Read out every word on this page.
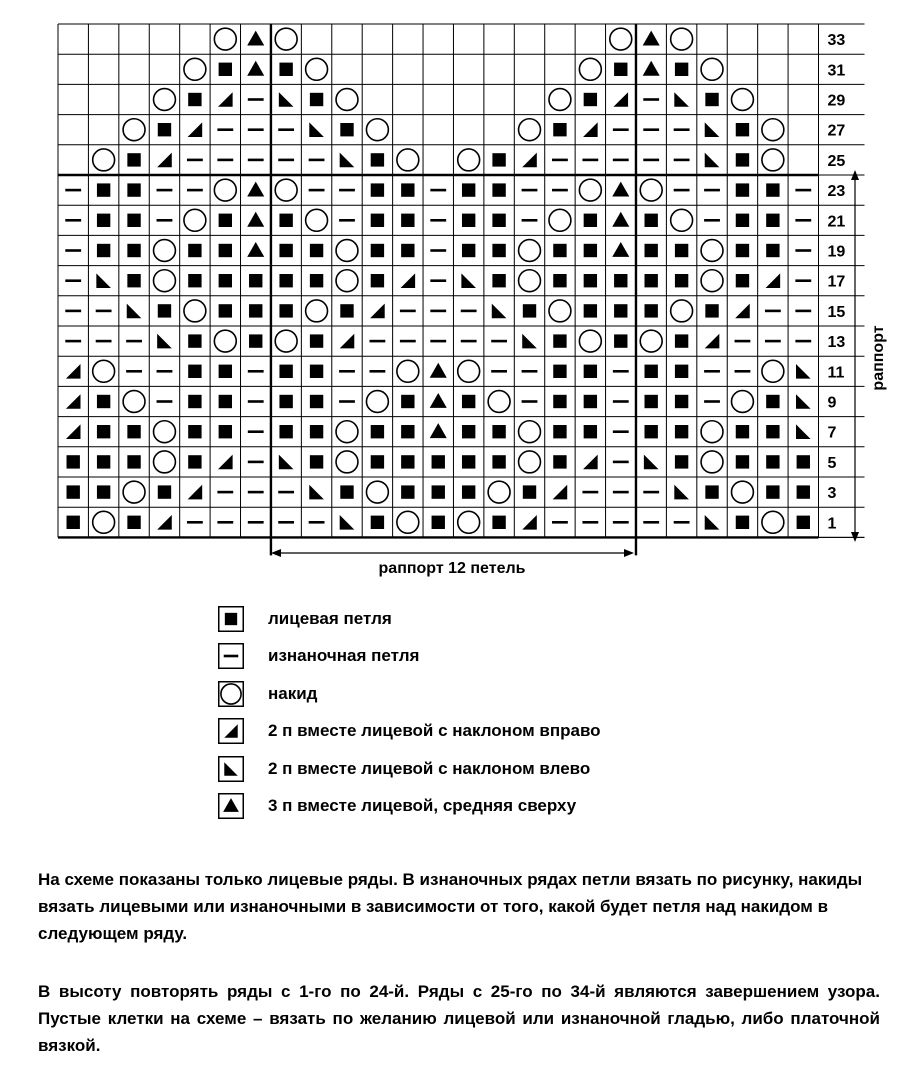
33
31
29
27
25
23
21
19
17
15
13
11
9
7
5
3
1
раппорт
раппорт 12 петель
лицевая петля
изнаночная петля
накид
2 п вместе лицевой с наклоном вправо
2 п вместе лицевой с наклоном влево
3 п вместе лицевой, средняя сверху

На схеме показаны только лицевые ряды. В изнаночных рядах петли вязать по рисунку, накиды вязать лицевыми или изнаночными в зависимости от того, какой будет петля над накидом в следующем ряду.

В высоту повторять ряды с 1-го по 24-й. Ряды с 25-го по 34-й являются завершением узора. Пустые клетки на схеме – вязать по желанию лицевой или изнаночной гладью, либо платочной вязкой.
